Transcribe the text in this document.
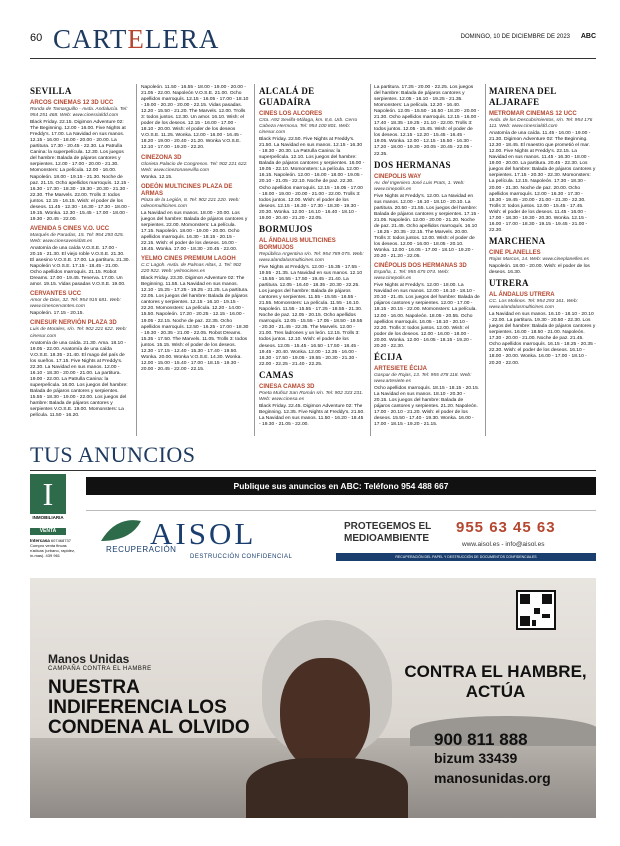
60 CARTELERA	DOMINGO, 10 DE DICIEMBRE DE 2023 ABC
SEVILLA
ARCOS CINEMAS 12 3D UCC
Ronda de Tamarguillo - Avda. Andalucía. Tel: 954 251 468. Web: www.cinesrialdd.com
Black Friday. 22.15. Digimon Adventure 02: The Beginning. 12.00 - 16.00. Five Nights at Freddy's. 17.00. La Navidad en sus manos. 12.15 - 16.00 - 18.00 - 20.00 - 20.00. La partitura. 17.30 - 20.45 - 22.30. La Patrulla Canina: la superpelícula. 12.30. Los juegos del hambre: Balada de pájaros cantores y serpientes. 12.00 - 17.00 - 20.00 - 21.30. Momonsters: La película. 12.00 - 16.00. Napoleón. 18.00 - 19.15 - 21.30. Noche de paz. 21.15. Ocho apellidos marroquís. 12.15 - 16.30 - 17.30 - 18.30 - 19.30 - 20.30 - 21.30 - 22.30. The Marvels. 22.00. Trolls 3: todos juntos. 12.15 - 16.15. Wish: el poder de los deseos. 11.45 - 12.30 - 16.30 - 17.30 - 18.00 - 19.15. Wonka. 12.30 - 15.45 - 17.00 - 18.00 - 19.30 - 20.45 - 22.00.
AVENIDA 5 CINES V.O. UCC
Marqués de Paradas, 15. Tel: 954 293 025. Web: www.cinesavenida5.es
Anatomía de una caída V.O.S.E. 17.00 - 20.15 - 21.30. El viejo roble V.O.S.E. 21.30. El asesino V.O.S.E. 17.00. La partitura. 21.30. Napoleón V.O.S.E. 17.15 - 18.45 - 21.00. Ocho apellidos marroquís. 21.15. Robot Dreams. 17.00 - 19.45. Tenerva. 17.00. Un amor. 19.15. Vidas pasadas V.O.S.E. 19.00.
CERVANTES UCC
Amor de Dios, 32. Tel: 954 915 681. Web: www.cinescervantes.com
Napoleón. 17.15 - 20.15.
CINESUR NERVIÓN PLAZA 3D
Luis de Morales, s/n. Tel: 902 221 622. Web: cinesur.com
Anatomía de una caída. 21.30. Ama. 18.10 - 19.05 - 22.00. Anatomía de una caída V.O.S.E. 18.35 - 21.40. El mago del país de los sueños. 17.15. Five Nights at Freddy's. 22.30. La Navidad en sus manos. 12.00 - 16.10 - 18.30 - 20.00 - 21.00. La partitura. 19.00 - 22.00. La Patrulla Canina: la superpelícula. 16.00. Los juegos del hambre: Balada de pájaros cantores y serpientes. 15.55 - 18.30 - 19.00 - 22.00. Los juegos del hambre: Balada de pájaros cantores y serpientes V.O.S.E. 19.00. Momonsters: La película. 11.50 - 16.20.
Napoleón. 11.50 - 16.55 - 18.00 - 19.00 - 20.00 - 21.05 - 22.00. Napoleón V.O.S.E. 21.00. Ocho apellidos marroquís. 12.15 - 16.05 - 17.00 - 18.10 - 19.00 - 20.20 - 20.00 - 22.15. Vidas pasadas. 12.20 - 15.50 - 21.20. The Marvels. 12.00. Trolls 3: todos juntos. 12.30. Un amor. 16.10. Wish: el poder de los deseos. 12.15 - 16.00 - 17.00 - 18.10 - 20.00. Wish: el poder de los deseos V.O.S.E. 11.25. Wonka. 12.00 - 16.00 - 16.45 - 18.20 - 19.00 - 20.40 - 21.20. Wonka V.O.S.E. 12.10 - 17.00 - 19.20 - 22.20.
CINEZONA 3D
Glorieta Palacio de Congresos. Tel: 902 221 622. Web: www.cinezonasevilla.com
Wonka. 12.15.
ODEÓN MULTICINES PLAZA DE ARMAS
Plaza de la Legión, 8. Tel: 902 221 220. Web: odeonmulticines.com
La Navidad en sus manos. 18.00 - 20.00. Los juegos del hambre: Balada de pájaros cantores y serpientes. 22.00. Momonsters: La película. 17.15. Napoleón. 18.00 - 19.00 - 20.00. Ocho apellidos marroquís. 16.30 - 18.15 - 20.15 - 22.15. Wish: el poder de los deseos. 16.00 - 18.45. Wonka. 17.00 - 18.30 - 20.45 - 22.00.
YELMO CINES PREMIUM LAGOH
C.C Lagoh. Avda. de Palmas Altas, 1. Tel: 902 220 922. Web: yelmocines.es
Black Friday. 23.30. Digimon Adventure 02: The Beginning. 11.55. La Navidad en sus manos. 12.10 - 15.25 - 17.25 - 19.25 - 21.25. La partitura. 22.05. Los juegos del hambre: Balada de pájaros cantores y serpientes. 12.15 - 16.10 - 19.15 - 22.20. Momonsters: La película. 12.20 - 14.00 - 15.50. Napoleón. 17.20 - 20.25 - 12.15 - 16.00 - 19.05 - 22.15. Noche de paz. 22.35. Ocho apellidos marroquís. 12.50 - 16.25 - 17.00 - 18.30 - 19.30 - 20.35 - 21.00 - 22.05. Robot Dreams. 15.35 - 17.50. The Marvels. 11.05. Trolls 3: todos juntos. 15.15. Wish: el poder de los deseos. 12.30 - 17.15 - 12.40 - 15.30 - 17.40 - 19.50. Wonka. 20.00. Wonka V.O.S.E. 14.30. Wonka. 12.00 - 15.00 - 15.40 - 17.00 - 18.15 - 19.30 - 20.00 - 20.45 - 22.00 - 22.15.
ALCALÁ DE GUADAÍRA
CINES LOS ALCORES
Crta. A92 Sevilla-Málaga, km. 8,6. Urb. Cerro Cabeza Hermosa. Tel: 954 100 801. Web: cinesur.com
Black Friday. 22.50. Five Nights at Freddy's. 21.50. La Navidad en sus manos. 12.15 - 16.30 - 18.30 - 20.30. La Patrulla Canina: la superpelícula. 12.10. Los juegos del hambre: Balada de pájaros cantores y serpientes. 16.00 - 19.05 - 22.10. Momonsters: La película. 12.00 - 16.15. Napoleón. 12.00 - 16.00 - 18.00 - 19.05 - 20.10 - 21.05 - 22.10. Noche de paz. 22.30. Ocho apellidos marroquís. 12.15 - 16.05 - 17.00 - 18.00 - 19.00 - 20.00 - 21.00 - 22.00. Trolls 3: todos juntos. 12.00. Wish: el poder de los deseos. 12.15 - 16.30 - 17.30 - 18.30 - 19.30 - 20.30. Wonka. 12.00 - 16.10 - 16.40 - 18.10 - 19.00 - 20.40 - 21.20 - 22.05.
BORMUJOS
AL ÁNDALUS MULTICINES BORMUJOS
República Argentina s/n. Tel: 954 789 075. Web: www.alandalusmulticines.com
Five Nights at Freddy's. 12.00 - 15.35 - 17.55 - 19.55 - 21.35. La Navidad en sus manos. 12.10 - 15.55 - 16.55 - 17.50 - 19.45 - 21.40. La partitura. 12.05 - 16.40 - 18.35 - 20.30 - 22.25. Los juegos del hambre: Balada de pájaros cantores y serpientes. 11.55 - 15.55 - 16.55 - 21.55. Momonsters: La película. 11.55 - 16.10. Napoleón. 11.55 - 15.55 - 17.25 - 18.55 - 21.30. Noche de paz. 12.05 - 20.15. Ocho apellidos marroquís. 12.05 - 15.55 - 17.05 - 18.50 - 19.55 - 20.30 - 21.45 - 22.35. The Marvels. 12.00 - 21.00. Tres ladrones y un león. 12.15. Trolls 3: todos juntos. 12.10. Wish: el poder de los deseos. 12.05 - 15.45 - 16.50 - 17.50 - 18.45 - 19.45 - 20.40. Wonka. 12.00 - 12.35 - 16.00 - 16.30 - 17.50 - 19.05 - 19.55 - 20.30 - 21.30 - 22.00 - 22.25 - 21.40 - 22.25.
CAMAS
CINESA CAMAS 3D
Poeta Muñoz San Román s/n. Tel: 902 333 231. Web: www.cinesa.es
Black Friday. 22.45. Digimon Adventure 02: The Beginning. 12.35. Five Nights at Freddy's. 21.50. La Navidad en sus manos. 11.50 - 16.20 - 18.45 - 19.30 - 21.05 - 22.00.
La partitura. 17.25 - 20.00 - 22.25. Los juegos del hambre: Balada de pájaros cantores y serpientes. 12.05 - 16.10 - 19.25 - 21.35. Momonsters: La película. 12.20 - 16.40. Napoleón. 12.05 - 15.50 - 16.50 - 18.20 - 20.00 - 21.30. Ocho apellidos marroquís. 12.15 - 16.00 - 17.40 - 18.35 - 19.25 - 21.10 - 22.00. Trolls 3: todos juntos. 12.05 - 15.45. Wish: el poder de los deseos. 12.15 - 12.20 - 15.45 - 16.45 - 19.05. Wonka. 12.00 - 12.15 - 15.50 - 16.30 - 17.20 - 18.00 - 19.30 - 20.05 - 20.45 - 22.05 - 22.35.
DOS HERMANAS
CINEPOLIS WAY
Av. del Ingeniero José Luis Prats, 1. Web: www.cinepolis.es
Five Nights at Freddy's. 12.00. La Navidad en sus manos. 12.00 - 16.10 - 18.10 - 20.10. La partitura. 20.50 - 21.55. Los juegos del hambre: Balada de pájaros cantores y serpientes. 17.15 - 21.05. Napoleón. 12.00 - 20.00 - 21.20. Noche de paz. 21.45. Ocho apellidos marroquís. 16.10 - 18.25 - 20.35 - 22.15. The Marvels. 20.00. Trolls 3: todos juntos. 12.00. Wish: el poder de los deseos. 12.00 - 16.00 - 18.05 - 20.10. Wonka. 12.00 - 16.05 - 17.00 - 18.10 - 19.20 - 20.20 - 21.20 - 22.05.
CINÉPOLIS DOS HERMANAS 3D
España, 1. Tel: 955 675 074. Web: www.cinepolis.es
Five Nights at Freddy's. 12.00 - 18.00. La Navidad en sus manos. 12.00 - 16.10 - 18.10 - 20.10 - 21.45. Los juegos del hambre: Balada de pájaros cantores y serpientes. 12.00 - 17.00 - 18.15 - 20.15 - 22.00. Momonsters: La película. 12.00 - 16.00. Napoleón. 18.05 - 20.55. Ocho apellidos marroquís. 16.05 - 18.10 - 20.10 - 22.20. Trolls 3: todos juntos. 12.00. Wish: el poder de los deseos. 12.00 - 16.00 - 18.00 - 20.00. Wonka. 12.00 - 16.05 - 18.15 - 19.20 - 20.20 - 22.30.
ÉCIJA
ARTESIETE ÉCIJA
Gaspar de Rojas, 13. Tel: 955 478 118. Web: www.artesiete.es
Ocho apellidos marroquís. 18.15 - 18.15 - 20.15. La Navidad en sus manos. 18.10 - 20.30 - 20.15. Los juegos del hambre: Balada de pájaros cantores y serpientes. 21.20. Napoleón. 17.00 - 20.10 - 21.20. Wish: el poder de los deseos. 15.50 - 17.40 - 19.30. Wonka. 16.00 - 17.00 - 18.15 - 19.20 - 21.15.
MAIRENA DEL ALJARAFE
METROMAR CINEMAS 12 UCC
Avda. de los Descubrimientos, s/n. Tel: 954 176 111. Web: www.cinesrialdd.com
Anatomía de una caída. 11.45 - 16.00 - 19.00 - 21.30. Digimon Adventure 02: The Beginning. 12.30 - 18.45. El maestro que prometió el mar. 12.00. Five Nights at Freddy's. 22.15. La Navidad en sus manos. 11.45 - 16.30 - 18.00 - 19.00 - 20.00. La partitura. 20.45 - 22.30. Los juegos del hambre: Balada de pájaros cantores y serpientes. 17.15 - 20.30 - 22.30. Momonsters: La película. 12.15. Napoleón. 17.30 - 18.30 - 20.00 - 21.30. Noche de paz. 20.00. Ocho apellidos marroquís. 12.00 - 16.30 - 17.30 - 18.30 - 19.45 - 20.00 - 21.00 - 21.30 - 22.30. Trolls 3: todos juntos. 12.00 - 15.45 - 17.45. Wish: el poder de los deseos. 11.45 - 16.00 - 17.00 - 18.30 - 19.30 - 20.30. Wonka. 12.15 - 16.00 - 17.00 - 18.30 - 19.15 - 19.45 - 21.00 - 22.30.
MARCHENA
CINE PLANELLES
Rojas Marcos, 14. Web: www.cineplanelles.es
Napoleón. 18.00 - 20.00. Wish: el poder de los deseos. 16.30.
UTRERA
AL ÁNDALUS UTRERA
CC. Los Molinos. Tel: 954 293 161. Web: www.alandalusmulticines.com
La Navidad en sus manos. 16.10 - 18.10 - 20.10 - 22.00. La partitura. 19.30 - 20.50 - 22.30. Los juegos del hambre: Balada de pájaros cantores y serpientes. 16.00 - 18.50 - 21.00. Napoleón. 17.30 - 20.00 - 21.00. Noche de paz. 21.45. Ocho apellidos marroquís. 16.15 - 18.25 - 20.35 - 22.30. Wish: el poder de los deseos. 16.10 - 18.00 - 20.00. Wonka. 16.00 - 17.00 - 18.10 - 20.20 - 22.00.
TUS ANUNCIOS
I
INMOBILIARIA
VENTA
Intercasa 607468737
Compro venta fincas rústicas (urbano, rapidez, in-mas). 439 961
Publique sus anuncios en ABC: Teléfono 954 488 667
AISOL
RECUPERACIÓN
DESTRUCCIÓN CONFIDENCIAL
PROTEGEMOS EL MEDIOAMBIENTE
955 63 45 63
www.aisol.es - info@aisol.es
RECUPERACIÓN DEL PAPEL Y DESTRUCCIÓN DE DOCUMENTOS CONFIDENCIALES
Manos Unidas
CAMPAÑA CONTRA EL HAMBRE
NUESTRA INDIFERENCIA LOS CONDENA AL OLVIDO
CONTRA EL HAMBRE, ACTÚA
900 811 888
bizum 33439
manosunidas.org
